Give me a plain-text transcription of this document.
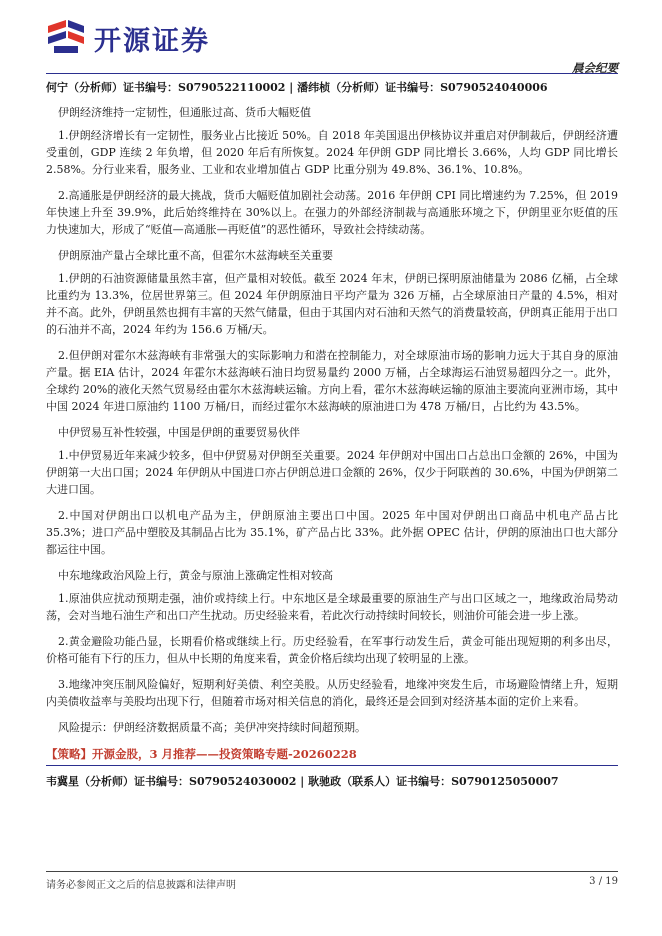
开源证券
晨会纪要

何宁（分析师）证书编号：S0790522110002 | 潘纬桢（分析师）证书编号：S0790524040006

伊朗经济维持一定韧性，但通胀过高、货币大幅贬值

1.伊朗经济增长有一定韧性，服务业占比接近 50%。自 2018 年美国退出伊核协议并重启对伊制裁后，伊朗经济遭受重创，GDP 连续 2 年负增，但 2020 年后有所恢复。2024 年伊朗 GDP 同比增长 3.66%，人均 GDP 同比增长 2.58%。分行业来看，服务业、工业和农业增加值占 GDP 比重分别为 49.8%、36.1%、10.8%。

2.高通胀是伊朗经济的最大挑战，货币大幅贬值加剧社会动荡。2016 年伊朗 CPI 同比增速约为 7.25%，但 2019 年快速上升至 39.9%，此后始终维持在 30%以上。在强力的外部经济制裁与高通胀环境之下，伊朗里亚尔贬值的压力快速加大，形成了“贬值—高通胀—再贬值”的恶性循环，导致社会持续动荡。

伊朗原油产量占全球比重不高，但霍尔木兹海峡至关重要

1.伊朗的石油资源储量虽然丰富，但产量相对较低。截至 2024 年末，伊朗已探明原油储量为 2086 亿桶，占全球比重约为 13.3%，位居世界第三。但 2024 年伊朗原油日平均产量为 326 万桶，占全球原油日产量的 4.5%，相对并不高。此外，伊朗虽然也拥有丰富的天然气储量，但由于其国内对石油和天然气的消费量较高，伊朗真正能用于出口的石油并不高，2024 年约为 156.6 万桶/天。

2.但伊朗对霍尔木兹海峡有非常强大的实际影响力和潜在控制能力，对全球原油市场的影响力远大于其自身的原油产量。据 EIA 估计，2024 年霍尔木兹海峡石油日均贸易量约 2000 万桶，占全球海运石油贸易超四分之一。此外，全球约 20%的液化天然气贸易经由霍尔木兹海峡运输。方向上看，霍尔木兹海峡运输的原油主要流向亚洲市场，其中中国 2024 年进口原油约 1100 万桶/日，而经过霍尔木兹海峡的原油进口为 478 万桶/日，占比约为 43.5%。

中伊贸易互补性较强，中国是伊朗的重要贸易伙伴

1.中伊贸易近年来减少较多，但中伊贸易对伊朗至关重要。2024 年伊朗对中国出口占总出口金额的 26%，中国为伊朗第一大出口国；2024 年伊朗从中国进口亦占伊朗总进口金额的 26%，仅少于阿联酋的 30.6%，中国为伊朗第二大进口国。

2.中国对伊朗出口以机电产品为主，伊朗原油主要出口中国。2025 年中国对伊朗出口商品中机电产品占比 35.3%；进口产品中塑胶及其制品占比为 35.1%，矿产品占比 33%。此外据 OPEC 估计，伊朗的原油出口也大部分都运往中国。

中东地缘政治风险上行，黄金与原油上涨确定性相对较高

1.原油供应扰动预期走强，油价或持续上行。中东地区是全球最重要的原油生产与出口区域之一，地缘政治局势动荡，会对当地石油生产和出口产生扰动。历史经验来看，若此次行动持续时间较长，则油价可能会进一步上涨。

2.黄金避险功能凸显，长期看价格或继续上行。历史经验看，在军事行动发生后，黄金可能出现短期的利多出尽，价格可能有下行的压力，但从中长期的角度来看，黄金价格后续均出现了较明显的上涨。

3.地缘冲突压制风险偏好，短期利好美债、利空美股。从历史经验看，地缘冲突发生后，市场避险情绪上升，短期内美债收益率与美股均出现下行，但随着市场对相关信息的消化，最终还是会回到对经济基本面的定价上来看。

风险提示：伊朗经济数据质量不高；美伊冲突持续时间超预期。

【策略】开源金股，3 月推荐——投资策略专题-20260228

韦冀星（分析师）证书编号：S0790524030002 | 耿驰政（联系人）证书编号：S0790125050007

请务必参阅正文之后的信息披露和法律声明	3 / 19
